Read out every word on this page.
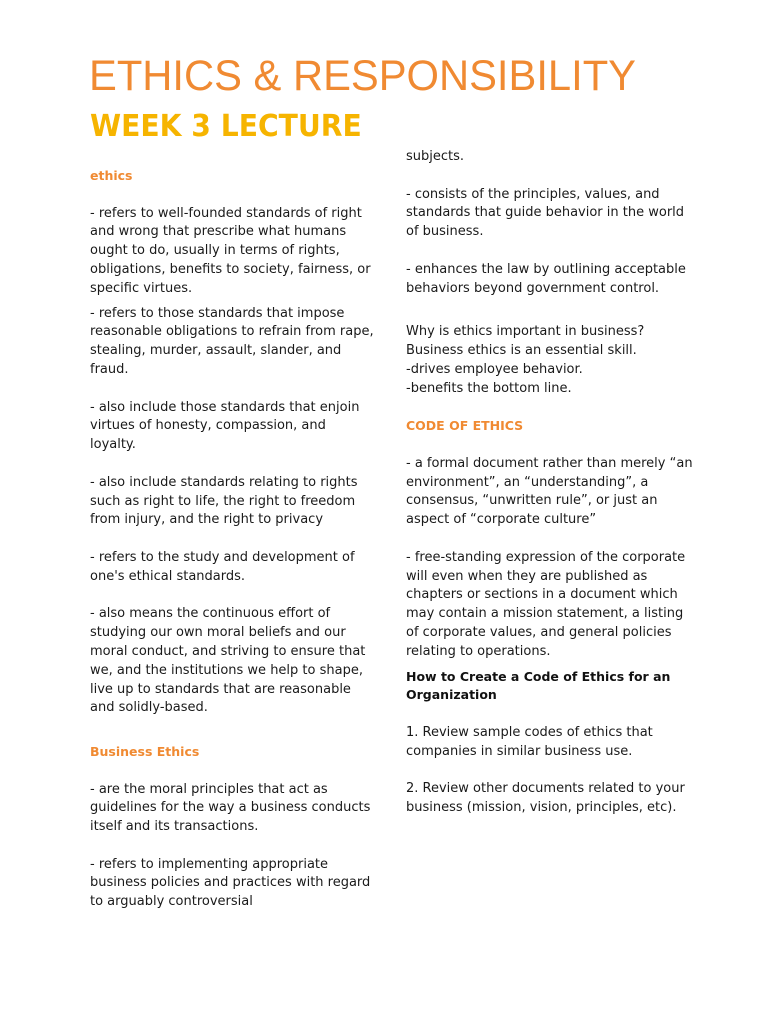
ETHICS & RESPONSIBILITY
WEEK 3 LECTURE

ethics

- refers to well-founded standards of right and wrong that prescribe what humans ought to do, usually in terms of rights, obligations, benefits to society, fairness, or specific virtues.

- refers to those standards that impose reasonable obligations to refrain from rape, stealing, murder, assault, slander, and fraud.

- also include those standards that enjoin virtues of honesty, compassion, and loyalty.

- also include standards relating to rights such as right to life, the right to freedom from injury, and the right to privacy

- refers to the study and development of one's ethical standards.

- also means the continuous effort of studying our own moral beliefs and our moral conduct, and striving to ensure that we, and the institutions we help to shape, live up to standards that are reasonable and solidly-based.

Business Ethics

- are the moral principles that act as guidelines for the way a business conducts itself and its transactions.

- refers to implementing appropriate business policies and practices with regard to arguably controversial

subjects.

- consists of the principles, values, and standards that guide behavior in the world of business.

- enhances the law by outlining acceptable behaviors beyond government control.

Why is ethics important in business?

Business ethics is an essential skill.

-drives employee behavior.

-benefits the bottom line.

CODE OF ETHICS

- a formal document rather than merely “an environment”, an “understanding”, a consensus, “unwritten rule”, or just an aspect of “corporate culture”

- free-standing expression of the corporate will even when they are published as chapters or sections in a document which may contain a mission statement, a listing of corporate values, and general policies relating to operations.

How to Create a Code of Ethics for an Organization

1. Review sample codes of ethics that companies in similar business use.

2. Review other documents related to your business (mission, vision, principles, etc).
